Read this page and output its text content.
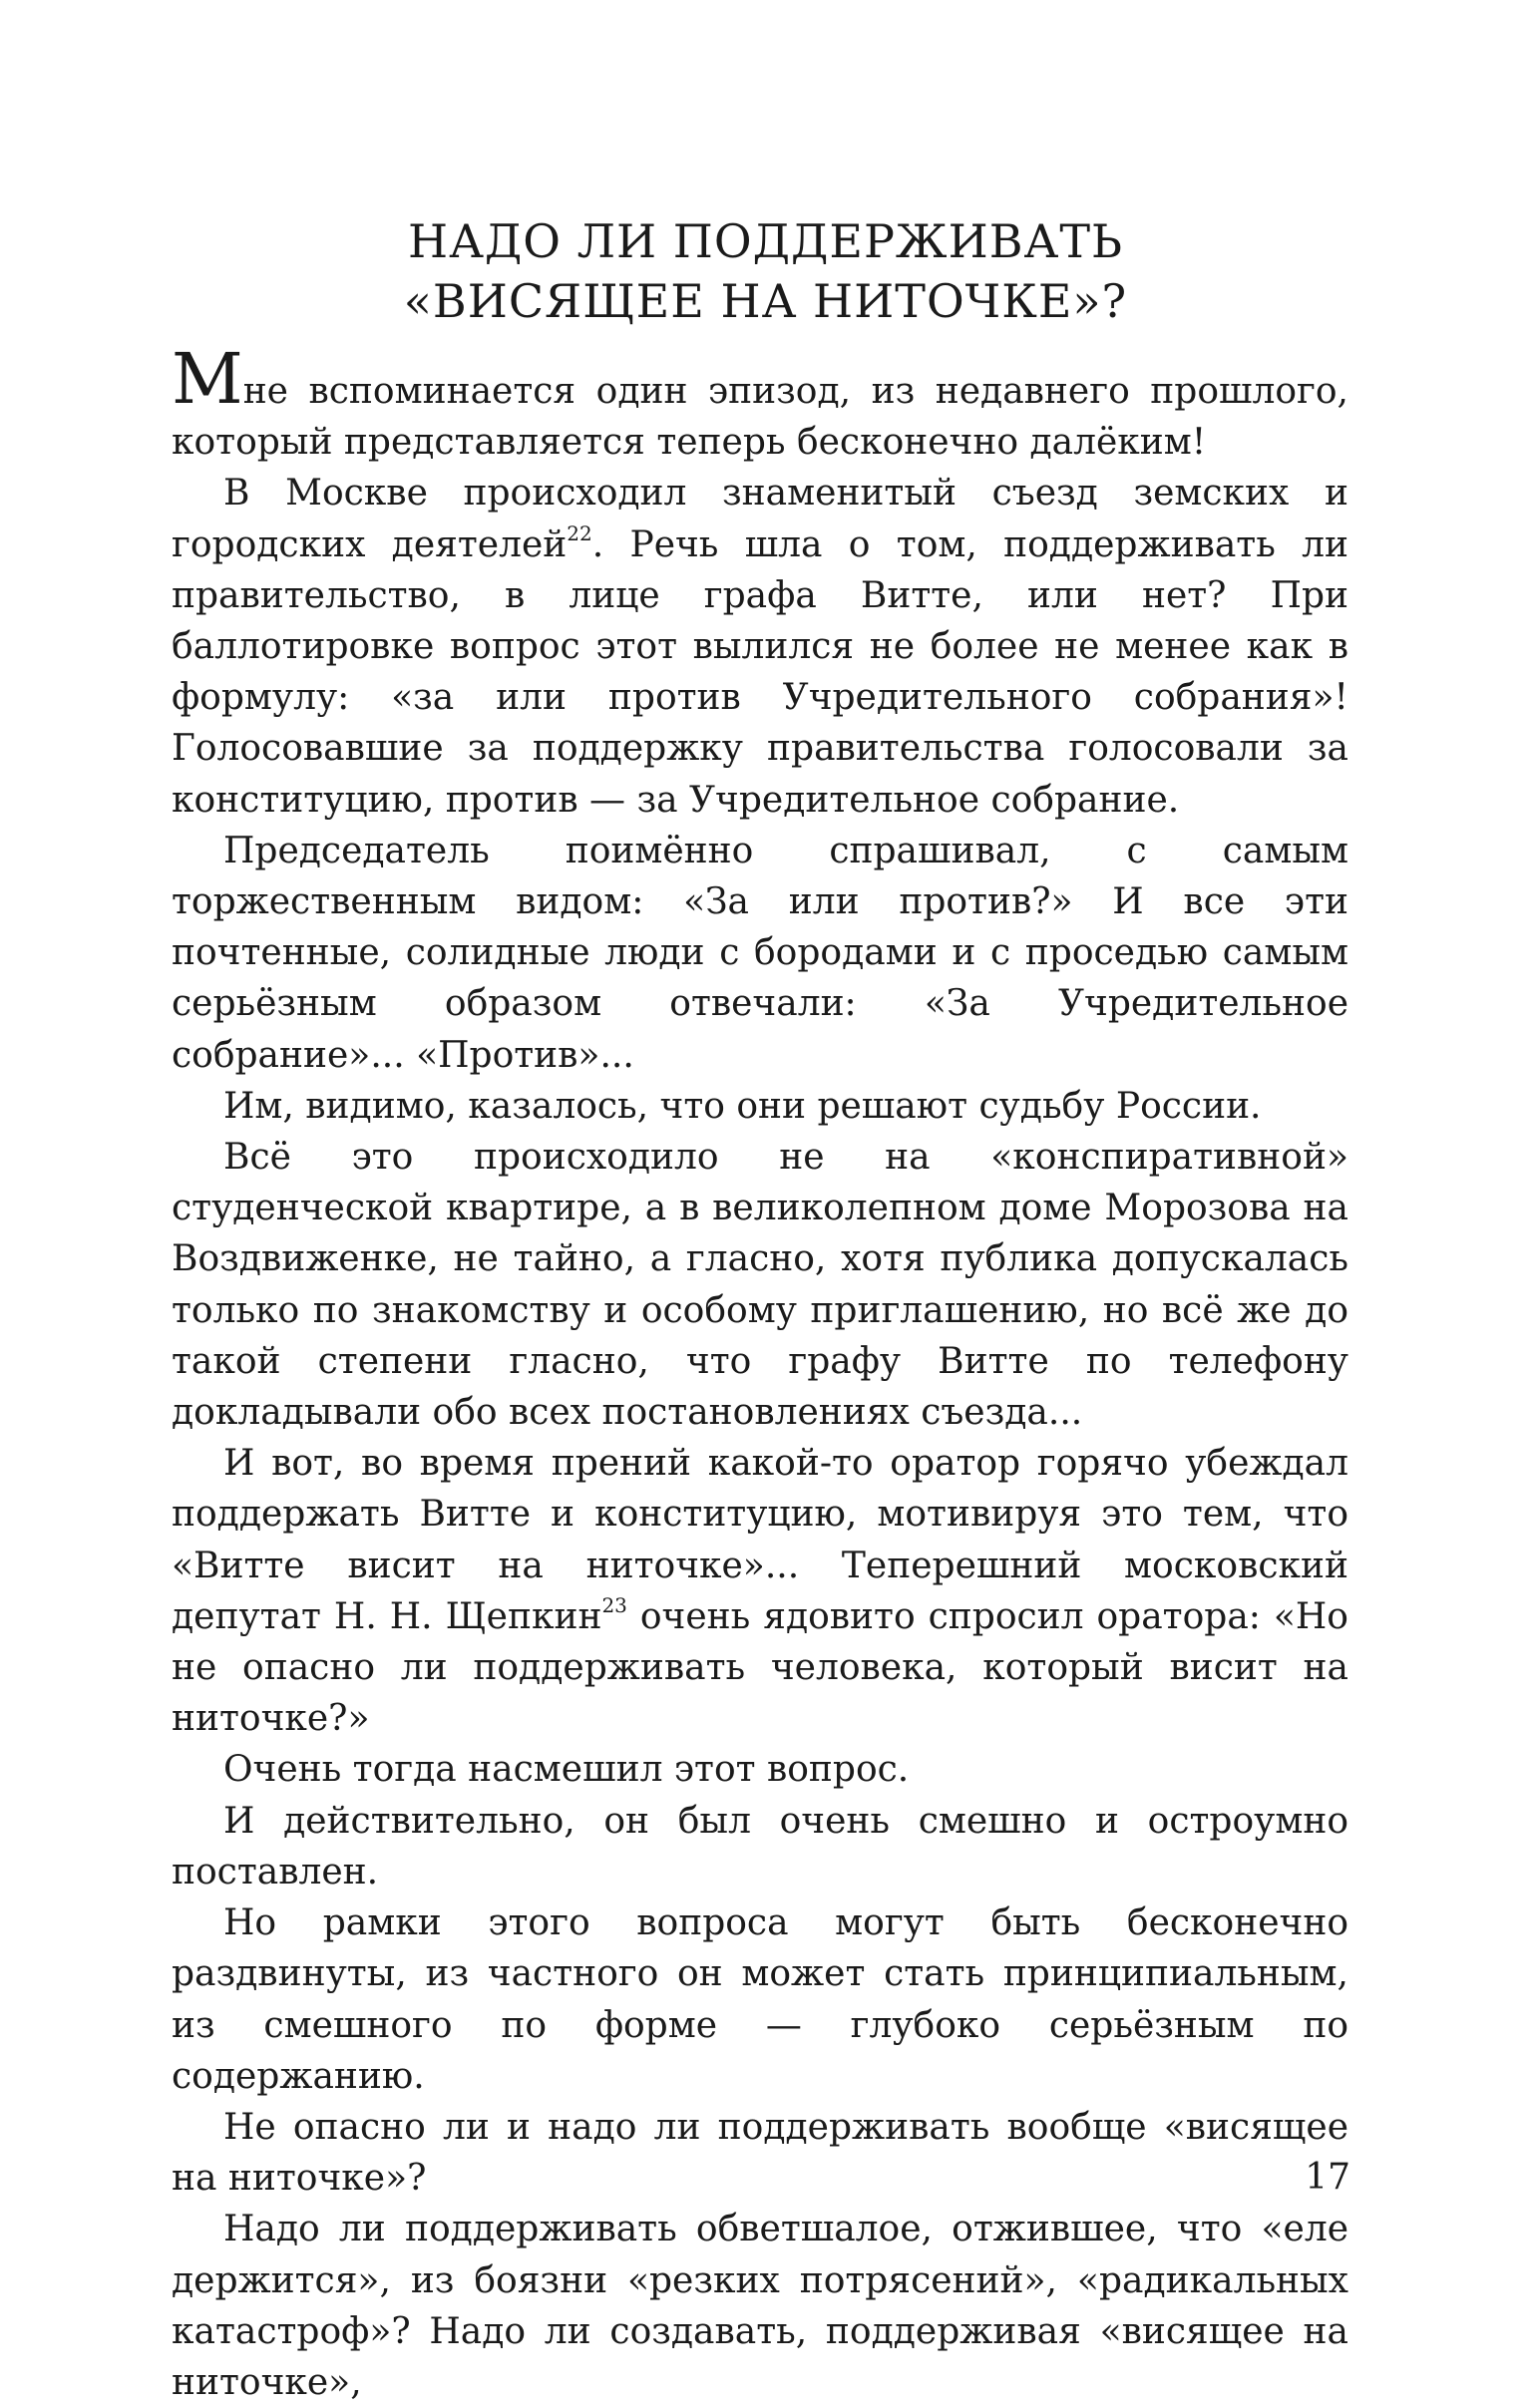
НАДО ЛИ ПОДДЕРЖИВАТЬ
«ВИСЯЩЕЕ НА НИТОЧКЕ»?

Мне вспоминается один эпизод, из недавнего прошлого, который представляется теперь бесконечно далёким!

В Москве происходил знаменитый съезд земских и городских деятелей$^{22}$. Речь шла о том, поддерживать ли правительство, в лице графа Витте, или нет? При баллотировке вопрос этот вылился не более не менее как в формулу: «за или против Учредительного собрания»! Голосовавшие за поддержку правительства голосовали за конституцию, против — за Учредительное собрание.

Председатель поимённо спрашивал, с самым торжественным видом: «За или против?» И все эти почтенные, солидные люди с бородами и с проседью самым серьёзным образом отвечали: «За Учредительное собрание»... «Против»...

Им, видимо, казалось, что они решают судьбу России.

Всё это происходило не на «конспиративной» студенческой квартире, а в великолепном доме Морозова на Воздвиженке, не тайно, а гласно, хотя публика допускалась только по знакомству и особому приглашению, но всё же до такой степени гласно, что графу Витте по телефону докладывали обо всех постановлениях съезда...

И вот, во время прений какой-то оратор горячо убеждал поддержать Витте и конституцию, мотивируя это тем, что «Витте висит на ниточке»... Теперешний московский депутат Н. Н. Щепкин$^{23}$ очень ядовито спросил оратора: «Но не опасно ли поддерживать человека, который висит на ниточке?»

Очень тогда насмешил этот вопрос.

И действительно, он был очень смешно и остроумно поставлен.

Но рамки этого вопроса могут быть бесконечно раздвинуты, из частного он может стать принципиальным, из смешного по форме — глубоко серьёзным по содержанию.

Не опасно ли и надо ли поддерживать вообще «висящее на ниточке»?

Надо ли поддерживать обветшалое, отжившее, что «еле держится», из боязни «резких потрясений», «радикальных катастроф»? Надо ли создавать, поддерживая «висящее на ниточке»,

17
